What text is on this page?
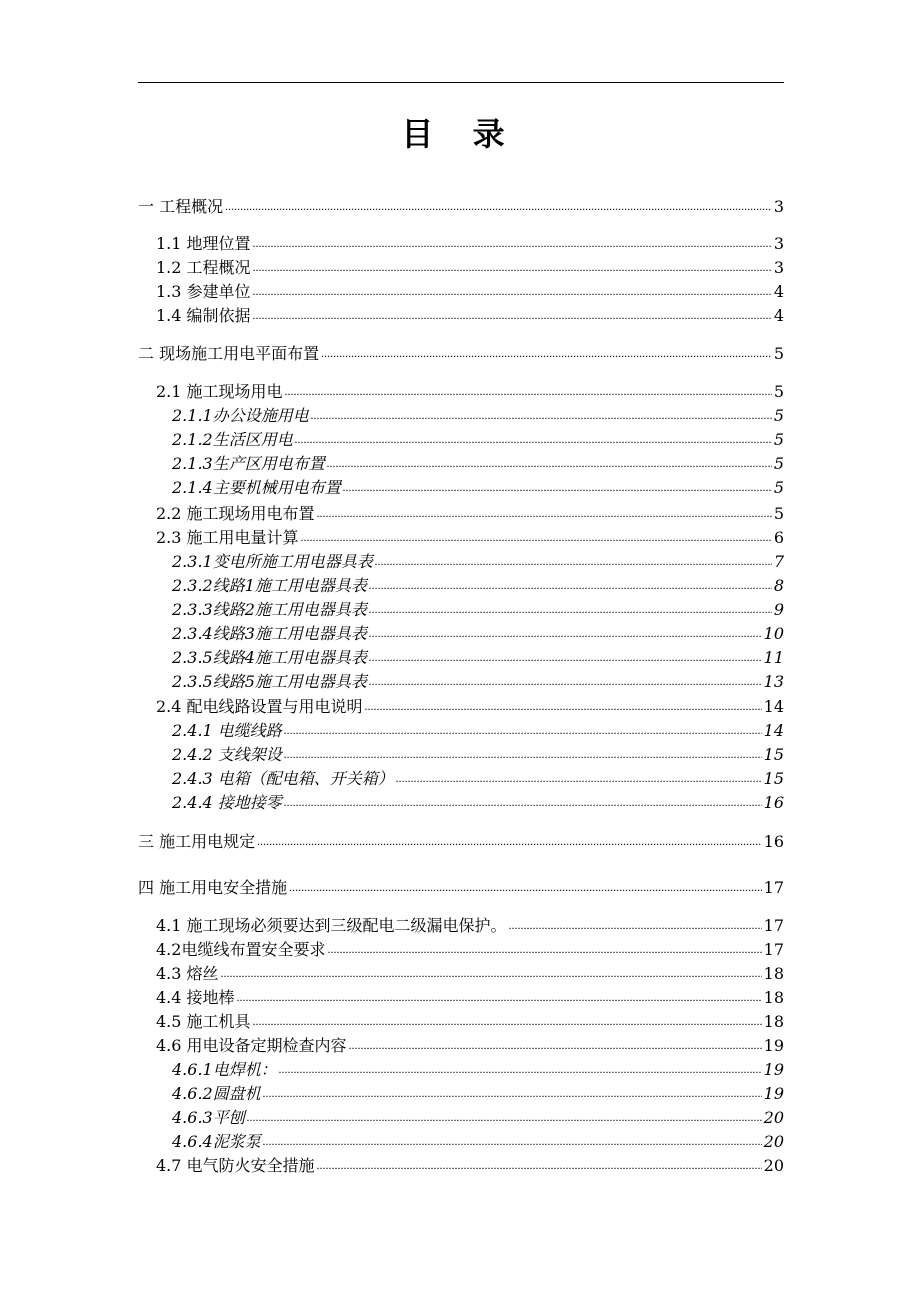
目 录
一 工程概况 .....	3
1.1 地理位置 .....	3
1.2 工程概况 .....	3
1.3 参建单位 .....	4
1.4 编制依据 .....	4
二 现场施工用电平面布置 .....	5
2.1 施工现场用电 .....	5
2.1.1办公设施用电 .....	5
2.1.2生活区用电 .....	5
2.1.3生产区用电布置 .....	5
2.1.4主要机械用电布置 .....	5
2.2 施工现场用电布置 .....	5
2.3 施工用电量计算 .....	6
2.3.1变电所施工用电器具表 .....	7
2.3.2线路1施工用电器具表 .....	8
2.3.3线路2施工用电器具表 .....	9
2.3.4线路3施工用电器具表 .....	10
2.3.5线路4施工用电器具表 .....	11
2.3.5线路5施工用电器具表 .....	13
2.4 配电线路设置与用电说明 .....	14
2.4.1 电缆线路 .....	14
2.4.2 支线架设 .....	15
2.4.3 电箱（配电箱、开关箱） .....	15
2.4.4 接地接零 .....	16
三 施工用电规定 .....	16
四 施工用电安全措施 .....	17
4.1 施工现场必须要达到三级配电二级漏电保护。 .....	17
4.2电缆线布置安全要求 .....	17
4.3 熔丝 .....	18
4.4 接地棒 .....	18
4.5 施工机具 .....	18
4.6 用电设备定期检查内容 .....	19
4.6.1电焊机： .....	19
4.6.2圆盘机 .....	19
4.6.3平刨 .....	20
4.6.4泥浆泵 .....	20
4.7 电气防火安全措施 .....	20
